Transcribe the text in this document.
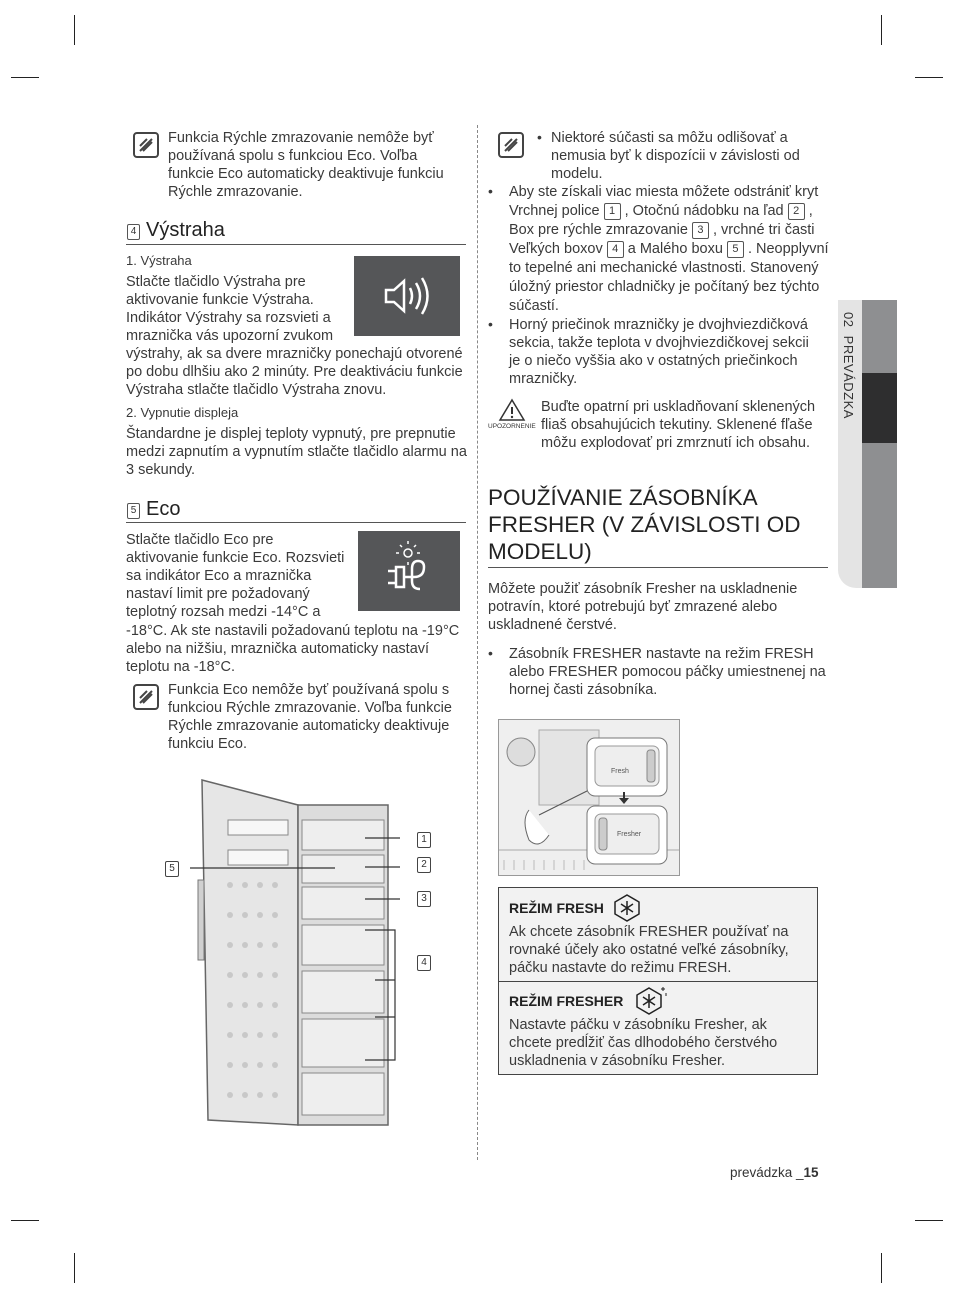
Funkcia Rýchle zmrazovanie nemôže byť používaná spolu s funkciou Eco. Voľba funkcie Eco automaticky deaktivuje funkciu Rýchle zmrazovanie.
4 Výstraha
1. Výstraha
Stlačte tlačidlo Výstraha pre aktivovanie funkcie Výstraha. Indikátor Výstrahy sa rozsvieti a mraznička vás upozorní zvukom
výstrahy, ak sa dvere mrazničky ponechajú otvorené po dobu dlhšiu ako 2 minúty. Pre deaktiváciu funkcie Výstraha stlačte tlačidlo Výstraha znovu.
2. Vypnutie displeja
Štandardne je displej teploty vypnutý, pre prepnutie medzi zapnutím a vypnutím stlačte tlačidlo alarmu na 3 sekundy.
5 Eco
Stlačte tlačidlo Eco pre aktivovanie funkcie Eco. Rozsvieti sa indikátor Eco a mraznička nastaví limit pre požadovaný teplotný rozsah medzi -14°C a
-18°C. Ak ste nastavili požadovanú teplotu na -19°C alebo na nižšiu, mraznička automaticky nastaví teplotu na -18°C.
Funkcia Eco nemôže byť používaná spolu s funkciou Rýchle zmrazovanie. Voľba funkcie Rýchle zmrazovanie automaticky deaktivuje funkciu Eco.
1
2
3
4
5
• Niektoré súčasti sa môžu odlišovať a nemusia byť k dispozícii v závislosti od modelu.
• Aby ste získali viac miesta môžete odstrániť kryt Vrchnej police 1 , Otočnú nádobku na ľad 2 , Box pre rýchle zmrazovanie 3 , vrchné tri časti Veľkých boxov 4 a Malého boxu 5 . Neopplyvní to tepelné ani mechanické vlastnosti. Stanovený úložný priestor chladničky je počítaný bez týchto súčastí.
• Horný priečinok mrazničky je dvojhviezdičková sekcia, takže teplota v dvojhviezdičkovej sekcii je o niečo vyššia ako v ostatných priečinkoch mrazničky.
UPOZORNENIE
Buďte opatrní pri uskladňovaní sklenených fliaš obsahujúcich tekutiny. Sklenené fľaše môžu explodovať pri zmrznutí ich obsahu.
POUŽÍVANIE ZÁSOBNÍKA FRESHER (V ZÁVISLOSTI OD MODELU)
Môžete použiť zásobník Fresher na uskladnenie potravín, ktoré potrebujú byť zmrazené alebo uskladnené čerstvé.
• Zásobník FRESHER nastavte na režim FRESH alebo FRESHER pomocou páčky umiestnenej na hornej časti zásobníka.
Fresh
Fresher
REŽIM FRESH
Ak chcete zásobník FRESHER používať na rovnaké účely ako ostatné veľké zásobníky, páčku nastavte do režimu FRESH.
REŽIM FRESHER
Nastavte páčku v zásobníku Fresher, ak chcete predĺžiť čas dlhodobého čerstvého uskladnenia v zásobníku Fresher.
02  PREVÁDZKA
prevádzka _15
